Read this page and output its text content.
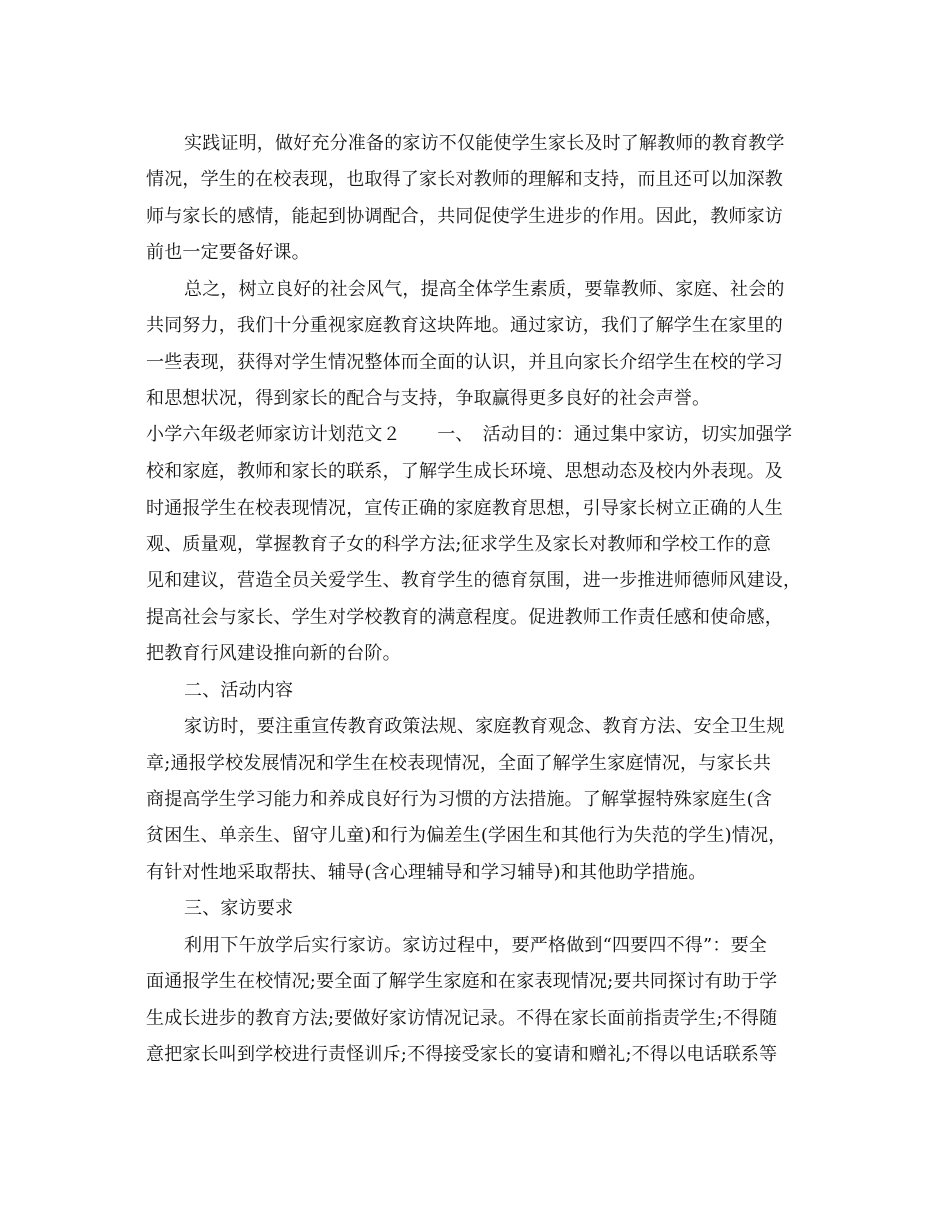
实践证明，做好充分准备的家访不仅能使学生家长及时了解教师的教育教学
情况，学生的在校表现，也取得了家长对教师的理解和支持，而且还可以加深教
师与家长的感情，能起到协调配合，共同促使学生进步的作用。因此，教师家访
前也一定要备好课。
总之，树立良好的社会风气，提高全体学生素质，要靠教师、家庭、社会的
共同努力，我们十分重视家庭教育这块阵地。通过家访，我们了解学生在家里的
一些表现，获得对学生情况整体而全面的认识，并且向家长介绍学生在校的学习
和思想状况，得到家长的配合与支持，争取赢得更多良好的社会声誉。
小学六年级老师家访计划范文２　　一、　活动目的：通过集中家访，切实加强学
校和家庭，教师和家长的联系，了解学生成长环境、思想动态及校内外表现。及
时通报学生在校表现情况，宣传正确的家庭教育思想，引导家长树立正确的人生
观、质量观，掌握教育子女的科学方法;征求学生及家长对教师和学校工作的意
见和建议，营造全员关爱学生、教育学生的德育氛围，进一步推进师德师风建设，
提高社会与家长、学生对学校教育的满意程度。促进教师工作责任感和使命感，
把教育行风建设推向新的台阶。
二、活动内容
家访时，要注重宣传教育政策法规、家庭教育观念、教育方法、安全卫生规
章;通报学校发展情况和学生在校表现情况，全面了解学生家庭情况，与家长共
商提高学生学习能力和养成良好行为习惯的方法措施。了解掌握特殊家庭生(含
贫困生、单亲生、留守儿童)和行为偏差生(学困生和其他行为失范的学生)情况，
有针对性地采取帮扶、辅导(含心理辅导和学习辅导)和其他助学措施。
三、家访要求
利用下午放学后实行家访。家访过程中，要严格做到“四要四不得”：要全
面通报学生在校情况;要全面了解学生家庭和在家表现情况;要共同探讨有助于学
生成长进步的教育方法;要做好家访情况记录。不得在家长面前指责学生;不得随
意把家长叫到学校进行责怪训斥;不得接受家长的宴请和赠礼;不得以电话联系等
